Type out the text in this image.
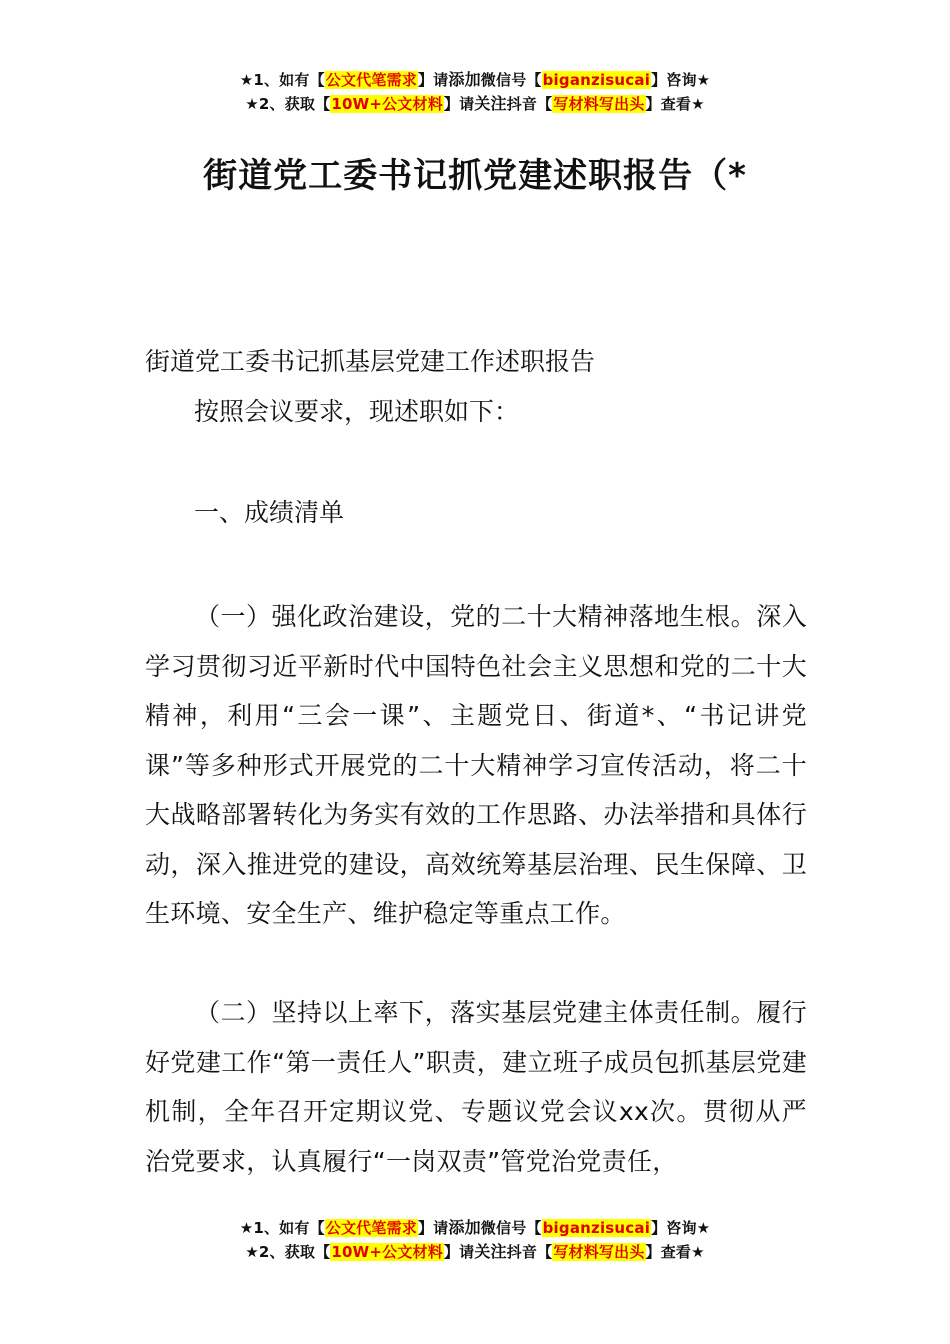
★1、如有【公文代笔需求】请添加微信号【biganzisucai】咨询★
★2、获取【10W+公文材料】请关注抖音【写材料写出头】查看★
街道党工委书记抓党建述职报告（*
街道党工委书记抓基层党建工作述职报告
按照会议要求，现述职如下：
一、成绩清单

（一）强化政治建设，党的二十大精神落地生根。深入学习贯彻习近平新时代中国特色社会主义思想和党的二十大精神，利用“三会一课”、主题党日、街道*、“书记讲党课”等多种形式开展党的二十大精神学习宣传活动，将二十大战略部署转化为务实有效的工作思路、办法举措和具体行动，深入推进党的建设，高效统筹基层治理、民生保障、卫生环境、安全生产、维护稳定等重点工作。

（二）坚持以上率下，落实基层党建主体责任制。履行好党建工作“第一责任人”职责，建立班子成员包抓基层党建机制，全年召开定期议党、专题议党会议xx次。贯彻从严治党要求，认真履行“一岗双责”管党治党责任，

★1、如有【公文代笔需求】请添加微信号【biganzisucai】咨询★
★2、获取【10W+公文材料】请关注抖音【写材料写出头】查看★
